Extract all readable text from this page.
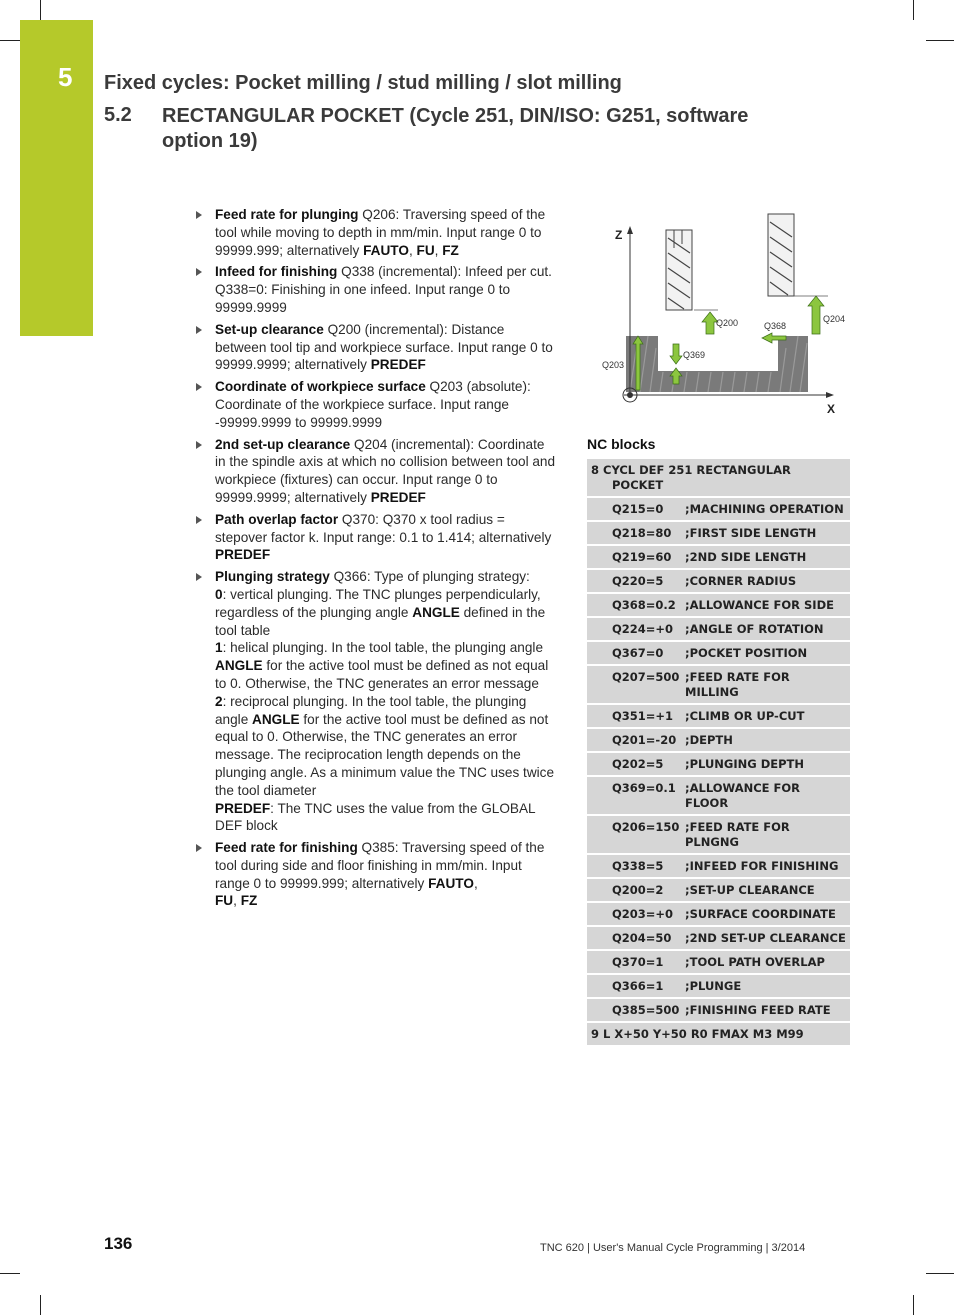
5 Fixed cycles: Pocket milling / stud milling / slot milling
5.2 RECTANGULAR POCKET (Cycle 251, DIN/ISO: G251, software option 19)
Feed rate for plunging Q206: Traversing speed of the tool while moving to depth in mm/min. Input range 0 to 99999.999; alternatively FAUTO, FU, FZ
Infeed for finishing Q338 (incremental): Infeed per cut. Q338=0: Finishing in one infeed. Input range 0 to 99999.9999
Set-up clearance Q200 (incremental): Distance between tool tip and workpiece surface. Input range 0 to 99999.9999; alternatively PREDEF
Coordinate of workpiece surface Q203 (absolute): Coordinate of the workpiece surface. Input range -99999.9999 to 99999.9999
2nd set-up clearance Q204 (incremental): Coordinate in the spindle axis at which no collision between tool and workpiece (fixtures) can occur. Input range 0 to 99999.9999; alternatively PREDEF
Path overlap factor Q370: Q370 x tool radius = stepover factor k. Input range: 0.1 to 1.414; alternatively PREDEF
Plunging strategy Q366: Type of plunging strategy:
0: vertical plunging. The TNC plunges perpendicularly, regardless of the plunging angle ANGLE defined in the tool table
1: helical plunging. In the tool table, the plunging angle ANGLE for the active tool must be defined as not equal to 0. Otherwise, the TNC generates an error message
2: reciprocal plunging. In the tool table, the plunging angle ANGLE for the active tool must be defined as not equal to 0. Otherwise, the TNC generates an error message. The reciprocation length depends on the plunging angle. As a minimum value the TNC uses twice the tool diameter
PREDEF: The TNC uses the value from the GLOBAL DEF block
Feed rate for finishing Q385: Traversing speed of the tool during side and floor finishing in mm/min. Input range 0 to 99999.999; alternatively FAUTO,
FU, FZ
Z
X
Q200	Q368
Q204
Q203
Q369
NC blocks
8 CYCL DEF 251 RECTANGULAR
POCKET
Q215=0	;MACHINING OPERATION
Q218=80	;FIRST SIDE LENGTH
Q219=60	;2ND SIDE LENGTH
Q220=5	;CORNER RADIUS
Q368=0.2 ;ALLOWANCE FOR SIDE
Q224=+0	;ANGLE OF ROTATION
Q367=0	;POCKET POSITION
Q207=500 ;FEED RATE FOR MILLING
Q351=+1	;CLIMB OR UP-CUT
Q201=-20 ;DEPTH
Q202=5	;PLUNGING DEPTH
Q369=0.1 ;ALLOWANCE FOR FLOOR
Q206=150 ;FEED RATE FOR PLNGNG
Q338=5	;INFEED FOR FINISHING
Q200=2	;SET-UP CLEARANCE
Q203=+0	;SURFACE COORDINATE
Q204=50	;2ND SET-UP CLEARANCE
Q370=1	;TOOL PATH OVERLAP
Q366=1	;PLUNGE
Q385=500 ;FINISHING FEED RATE
9 L X+50 Y+50 R0 FMAX M3 M99
136	TNC 620 | User's Manual Cycle Programming | 3/2014
